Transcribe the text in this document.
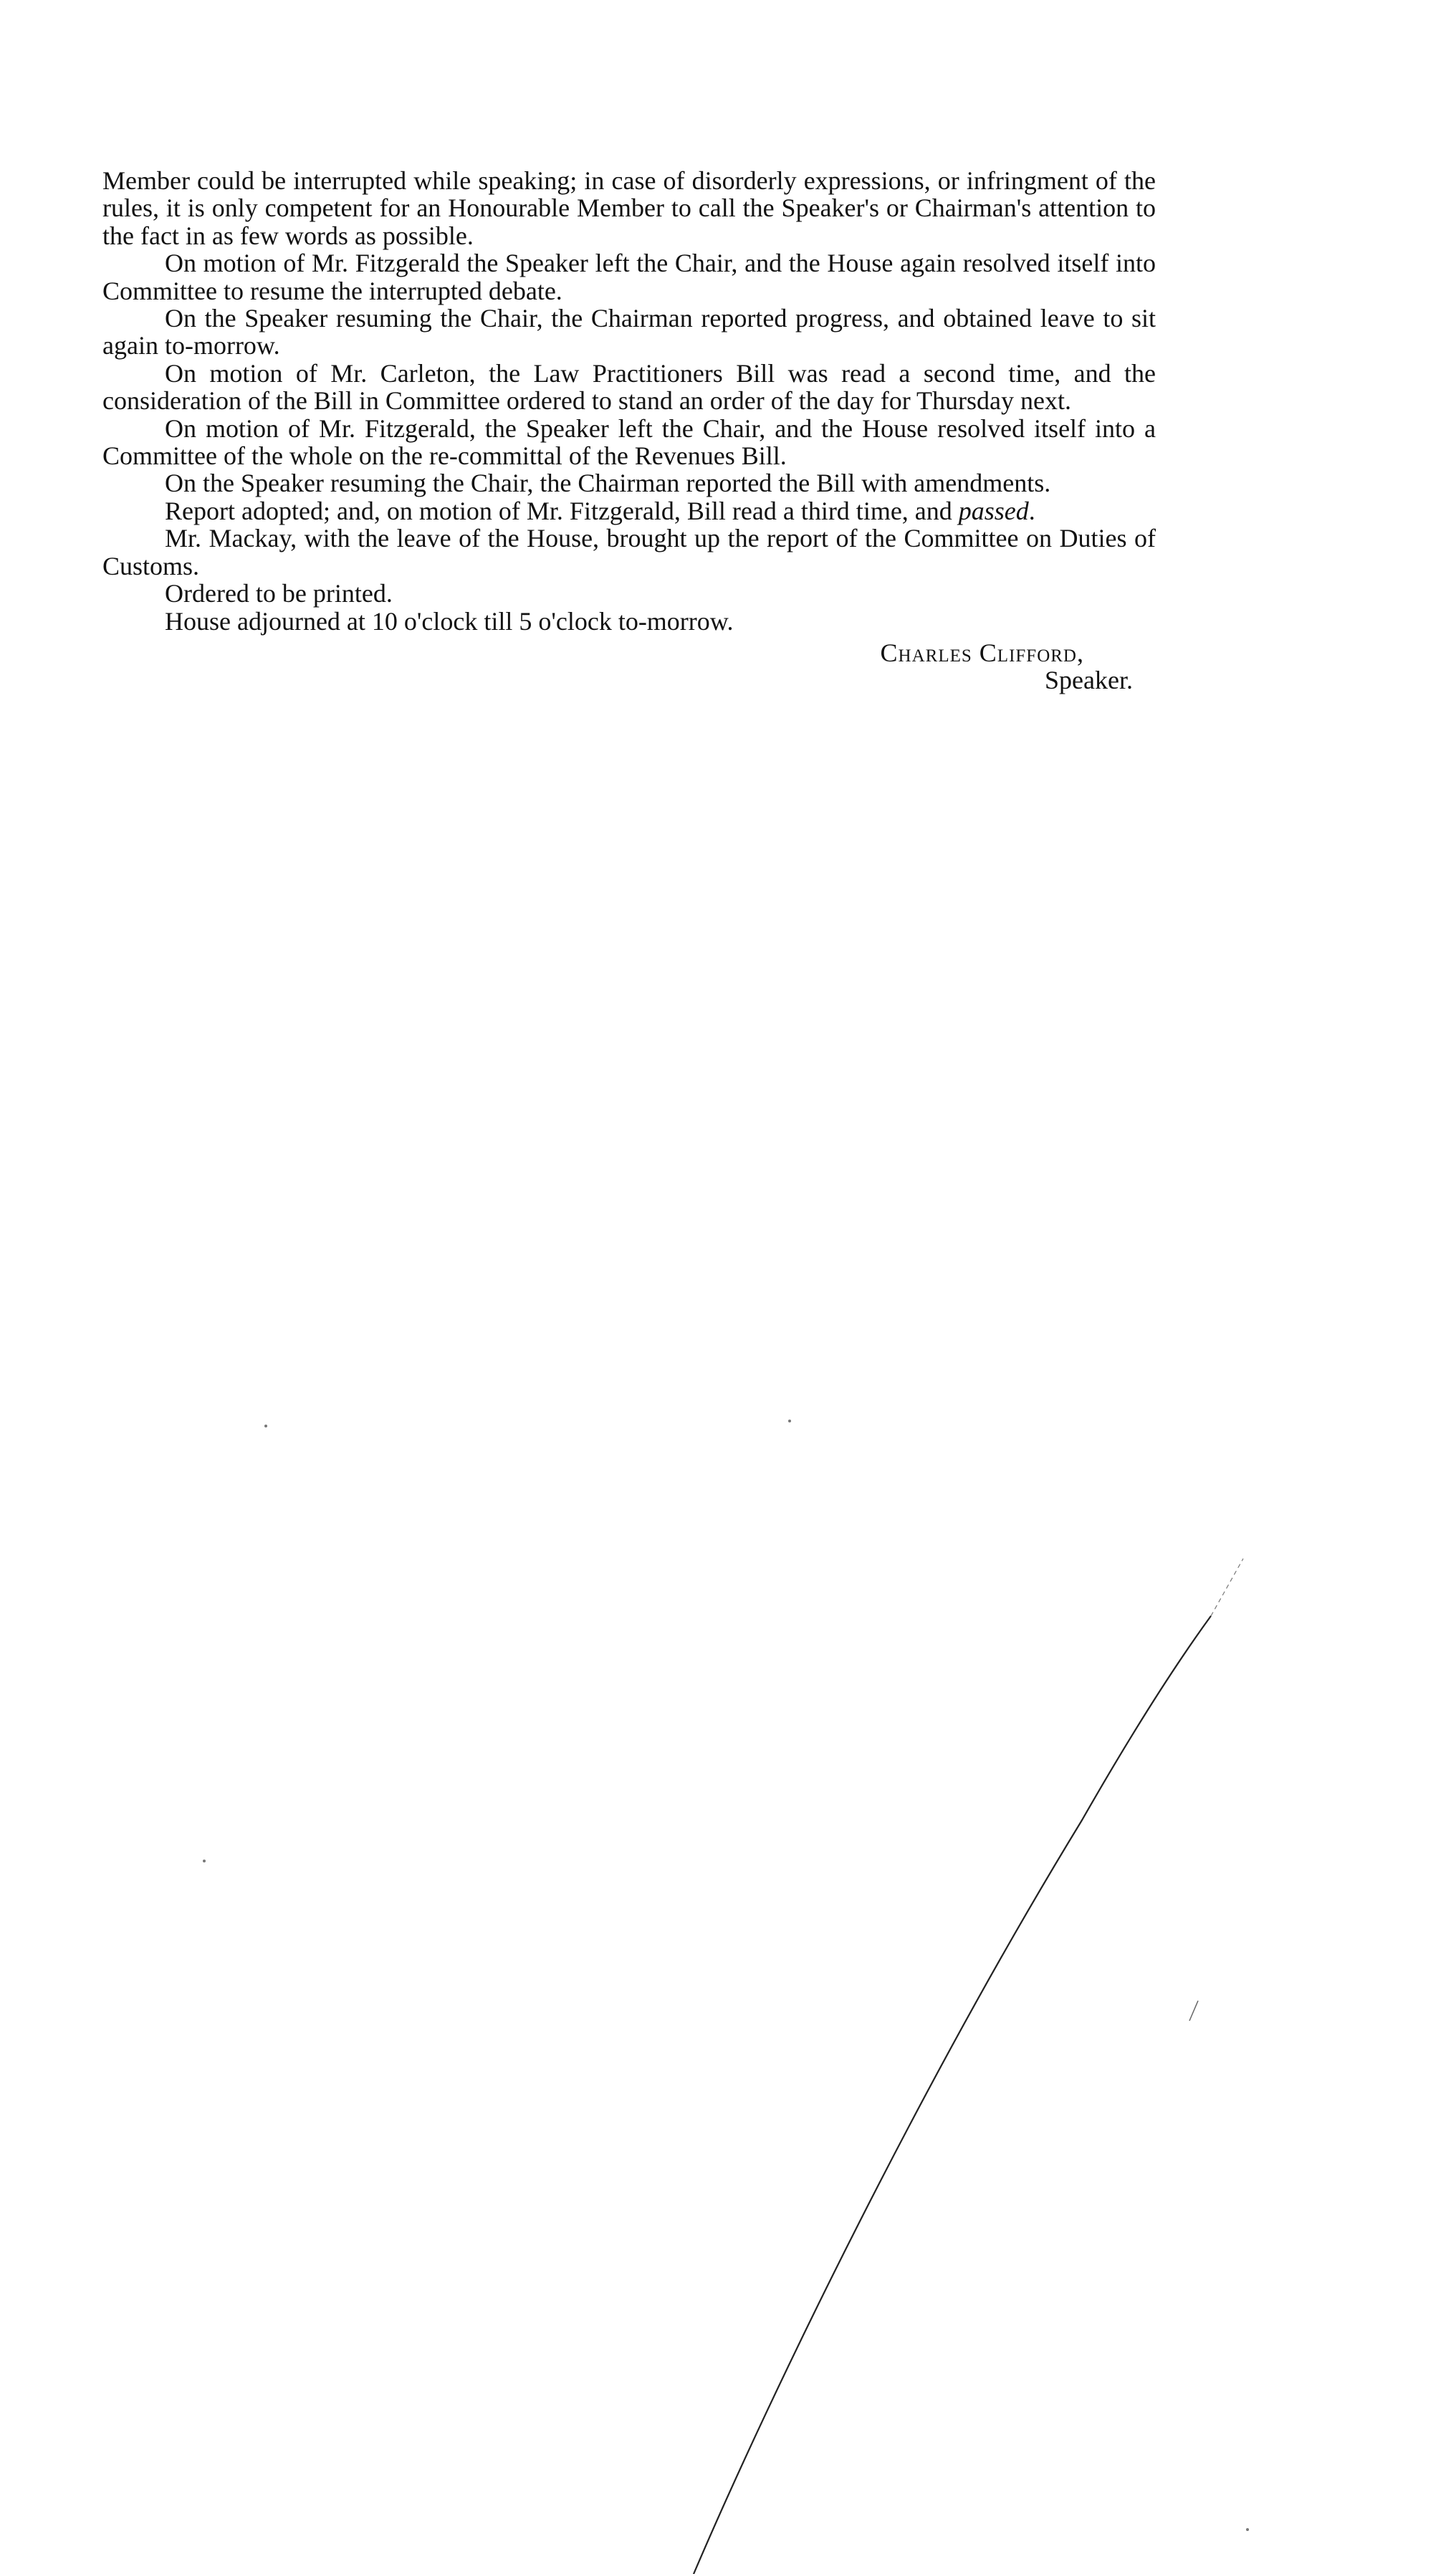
Member could be interrupted while speaking; in case of disorderly expressions, or infringment of the rules, it is only competent for an Honourable Member to call the Speaker's or Chairman's attention to the fact in as few words as possible.

On motion of Mr. Fitzgerald the Speaker left the Chair, and the House again resolved itself into Committee to resume the interrupted debate.

On the Speaker resuming the Chair, the Chairman reported progress, and obtained leave to sit again to-morrow.

On motion of Mr. Carleton, the Law Practitioners Bill was read a second time, and the consideration of the Bill in Committee ordered to stand an order of the day for Thursday next.

On motion of Mr. Fitzgerald, the Speaker left the Chair, and the House resolved itself into a Committee of the whole on the re-committal of the Revenues Bill.

On the Speaker resuming the Chair, the Chairman reported the Bill with amendments.

Report adopted; and, on motion of Mr. Fitzgerald, Bill read a third time, and passed.

Mr. Mackay, with the leave of the House, brought up the report of the Committee on Duties of Customs.

Ordered to be printed.

House adjourned at 10 o'clock till 5 o'clock to-morrow.

Charles Clifford,

Speaker.
